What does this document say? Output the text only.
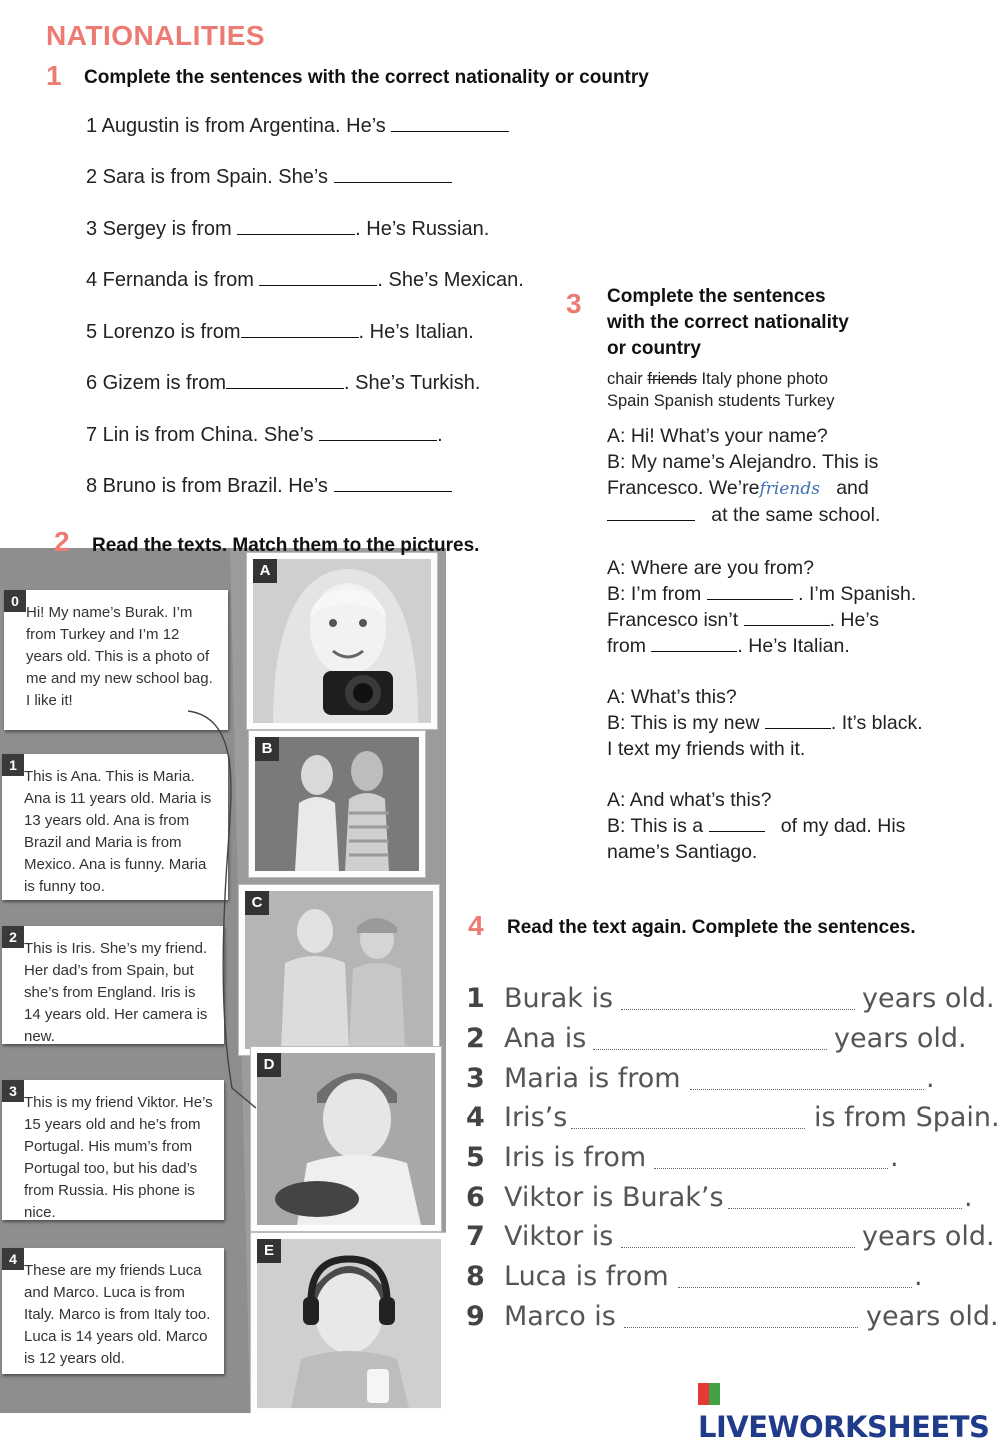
NATIONALITIES
1 Complete the sentences with the correct nationality or country
1 Augustin is from Argentina. He’s
2 Sara is from Spain. She’s
3 Sergey is from	. He’s Russian.
4 Fernanda is from	. She’s Mexican.
5 Lorenzo is from	. He’s Italian.
6 Gizem is from	. She’s Turkish.
7 Lin is from China. She’s	.
8 Bruno is from Brazil. He’s
3 Complete the sentences with the correct nationality or country
chair friends Italy phone photo
Spain Spanish students Turkey
A: Hi! What’s your name?
B: My name’s Alejandro. This is
Francesco. We’refriends and
at the same school.
A: Where are you from?
B: I’m from	. I’m Spanish.
Francesco isn’t	. He’s
from	. He’s Italian.
A: What’s this?
B: This is my new	. It’s black.
I text my friends with it.
A: And what’s this?
B: This is a	of my dad. His
name’s Santiago.
0
Hi! My name’s Burak. I’m from Turkey and I’m 12 years old. This is a photo of me and my new school bag. I like it!
1
This is Ana. This is Maria. Ana is 11 years old. Maria is 13 years old. Ana is from Brazil and Maria is from Mexico. Ana is funny. Maria is funny too.
2
This is Iris. She’s my friend. Her dad’s from Spain, but she’s from England. Iris is 14 years old. Her camera is new.
3
This is my friend Viktor. He’s 15 years old and he’s from Portugal. His mum’s from Portugal too, but his dad’s from Russia. His phone is nice.
4
These are my friends Luca and Marco. Luca is from Italy. Marco is from Italy too. Luca is 14 years old. Marco is 12 years old.
A
B
C
D
E
2 Read the texts. Match them to the pictures.
4 Read the text again. Complete the sentences.
1 Burak is	years old.
2 Ana is	years old.
3 Maria is from	.
4 Iris’s	is from Spain.
5 Iris is from	.
6 Viktor is Burak’s	.
7 Viktor is	years old.
8 Luca is from	.
9 Marco is	years old.
LIVEWORKSHEETS
